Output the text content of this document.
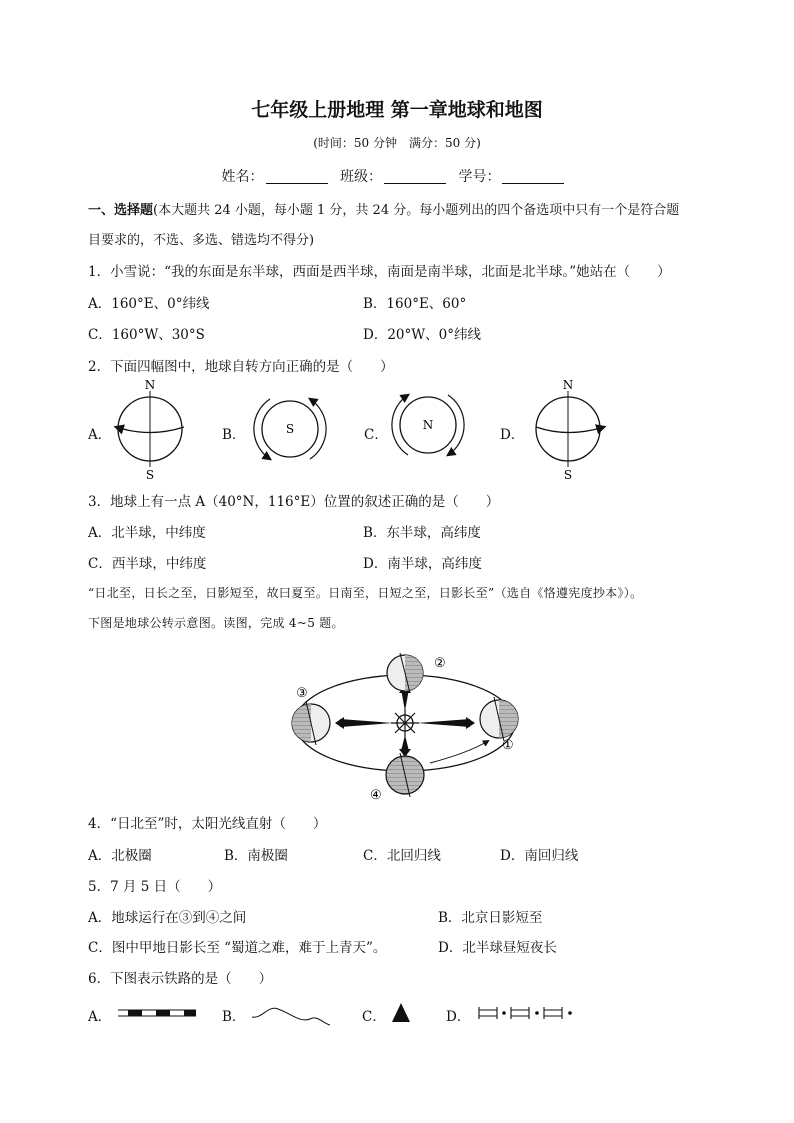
七年级上册地理 第一章地球和地图
(时间：50 分钟　满分：50 分)
姓名：	班级：	学号：
一、选择题(本大题共 24 小题，每小题 1 分，共 24 分。每小题列出的四个备选项中只有一个是符合题
目要求的，不选、多选、错选均不得分)
1．小雪说：“我的东面是东半球，西面是西半球，南面是南半球，北面是北半球。”她站在（　　）
A．160°E、0°纬线	B．160°E、60°
C．160°W、30°S	D．20°W、0°纬线
2．下面四幅图中，地球自转方向正确的是（　　）
A．	B．	C．	D．
N
S
S	N
N
S
3．地球上有一点 A（40°N，116°E）位置的叙述正确的是（　　）
A．北半球，中纬度	B．东半球，高纬度
C．西半球，中纬度	D．南半球，高纬度
“日北至，日长之至，日影短至，故曰夏至。日南至，日短之至，日影长至”（选自《恪遵宪度抄本》）。
下图是地球公转示意图。读图，完成 4~5 题。
②
①
③
④
4．“日北至”时，太阳光线直射（　　）
A．北极圈	B．南极圈	C．北回归线	D．南回归线
5．7 月 5 日（　　）
A．地球运行在③到④之间	B．北京日影短至
C．图中甲地日影长至 “蜀道之难，难于上青天”。	D．北半球昼短夜长
6．下图表示铁路的是（　　）
A．	B．	C．	D．
